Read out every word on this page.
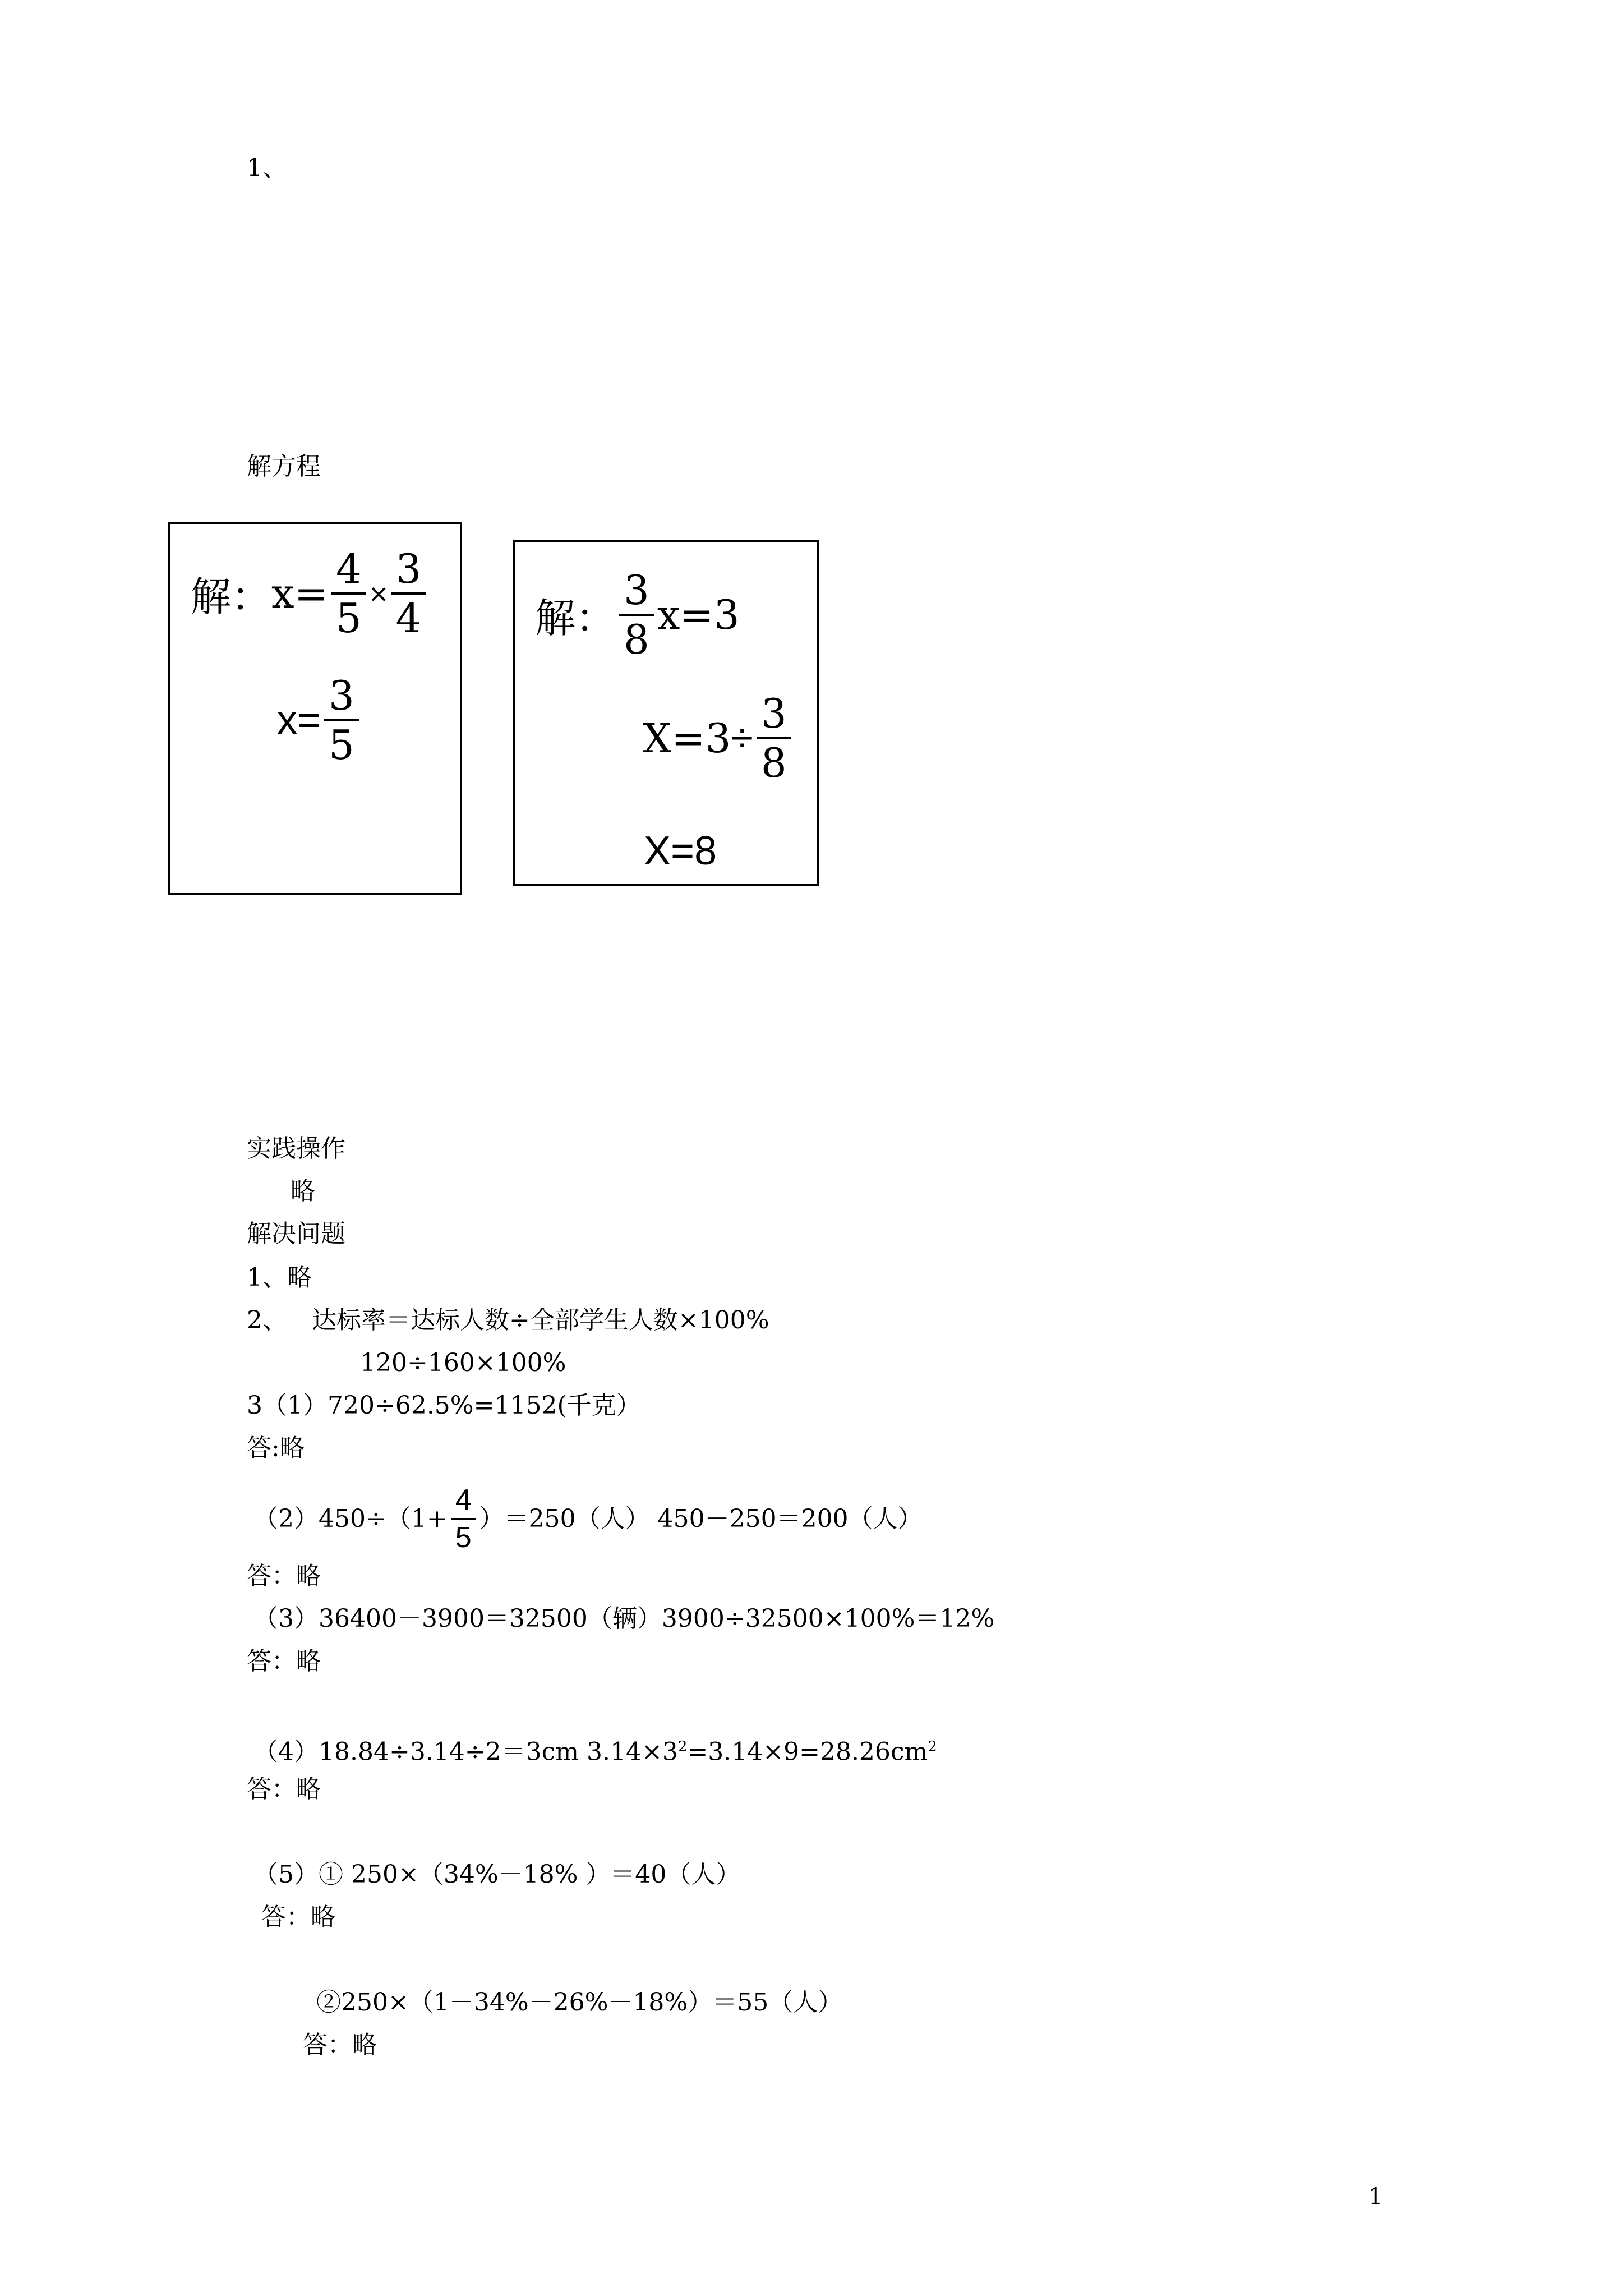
1、
解方程
解： $x= \frac{4}{5} \times \frac{3}{4}$
$x= \frac{3}{5}$
解： $\frac{3}{8} x=3$
$X=3 \div \frac{3}{8}$
X=8
实践操作
略
解决问题
1、略
2、 达标率＝达标人数÷全部学生人数×100%
120÷160×100%
3（1）720÷62.5%=1152(千克）
答:略
$(2)450\div(1+ \frac{4}{5} )=250$（人） 450－250＝200（人）
答：略
（3）36400－3900＝32500（辆）3900÷32500×100%＝12%
答：略
（4）18.84÷3.14÷2＝3cm $3.14\times 3^2=3.14\times 9=28.26cm^2$
答：略
（5）① 250×（34%－18% ）＝40（人）
答：略
②250×（1－34%－26%－18%）＝55（人）
答：略
1
